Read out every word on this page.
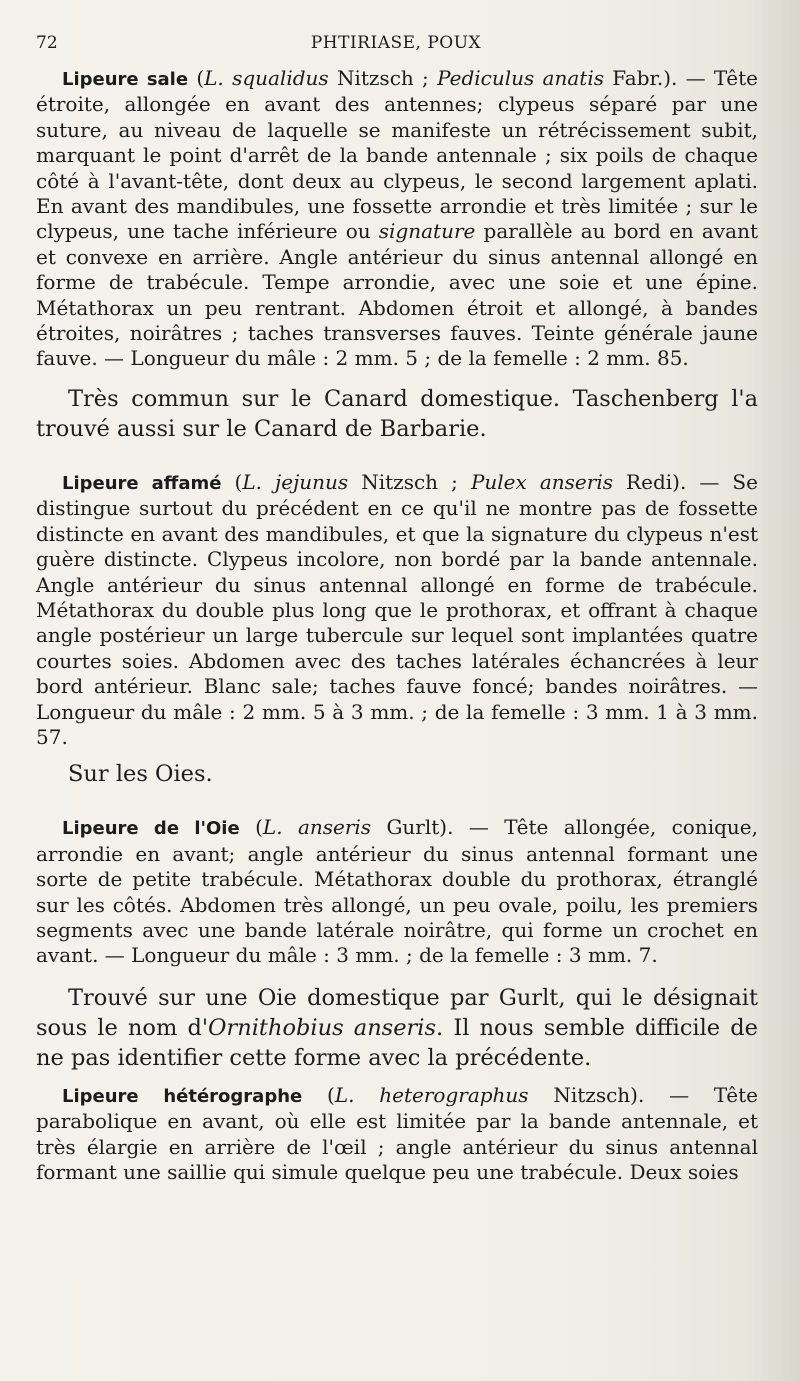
72	PHTIRIASE, POUX

Lipeure sale (L. squalidus Nitzsch ; Pediculus anatis Fabr.). — Tête étroite, allongée en avant des antennes; clypeus séparé par une suture, au niveau de laquelle se manifeste un rétrécissement subit, marquant le point d'arrêt de la bande antennale ; six poils de chaque côté à l'avant-tête, dont deux au clypeus, le second largement aplati. En avant des mandibules, une fossette arrondie et très limitée ; sur le clypeus, une tache inférieure ou signature parallèle au bord en avant et convexe en arrière. Angle antérieur du sinus antennal allongé en forme de trabécule. Tempe arrondie, avec une soie et une épine. Métathorax un peu rentrant. Abdomen étroit et allongé, à bandes étroites, noirâtres ; taches transverses fauves. Teinte générale jaune fauve. — Longueur du mâle : 2 mm. 5 ; de la femelle : 2 mm. 85.

Très commun sur le Canard domestique. Taschenberg l'a trouvé aussi sur le Canard de Barbarie.

Lipeure affamé (L. jejunus Nitzsch ; Pulex anseris Redi). — Se distingue surtout du précédent en ce qu'il ne montre pas de fossette distincte en avant des mandibules, et que la signature du clypeus n'est guère distincte. Clypeus incolore, non bordé par la bande antennale. Angle antérieur du sinus antennal allongé en forme de trabécule. Métathorax du double plus long que le prothorax, et offrant à chaque angle postérieur un large tubercule sur lequel sont implantées quatre courtes soies. Abdomen avec des taches latérales échancrées à leur bord antérieur. Blanc sale; taches fauve foncé; bandes noirâtres. — Longueur du mâle : 2 mm. 5 à 3 mm. ; de la femelle : 3 mm. 1 à 3 mm. 57.

Sur les Oies.

Lipeure de l'Oie (L. anseris Gurlt). — Tête allongée, conique, arrondie en avant; angle antérieur du sinus antennal formant une sorte de petite trabécule. Métathorax double du prothorax, étranglé sur les côtés. Abdomen très allongé, un peu ovale, poilu, les premiers segments avec une bande latérale noirâtre, qui forme un crochet en avant. — Longueur du mâle : 3 mm. ; de la femelle : 3 mm. 7.

Trouvé sur une Oie domestique par Gurlt, qui le désignait sous le nom d'Ornithobius anseris. Il nous semble difficile de ne pas identifier cette forme avec la précédente.

Lipeure hétérographe (L. heterographus Nitzsch). — Tête parabolique en avant, où elle est limitée par la bande antennale, et très élargie en arrière de l'œil ; angle antérieur du sinus antennal formant une saillie qui simule quelque peu une trabécule. Deux soies
